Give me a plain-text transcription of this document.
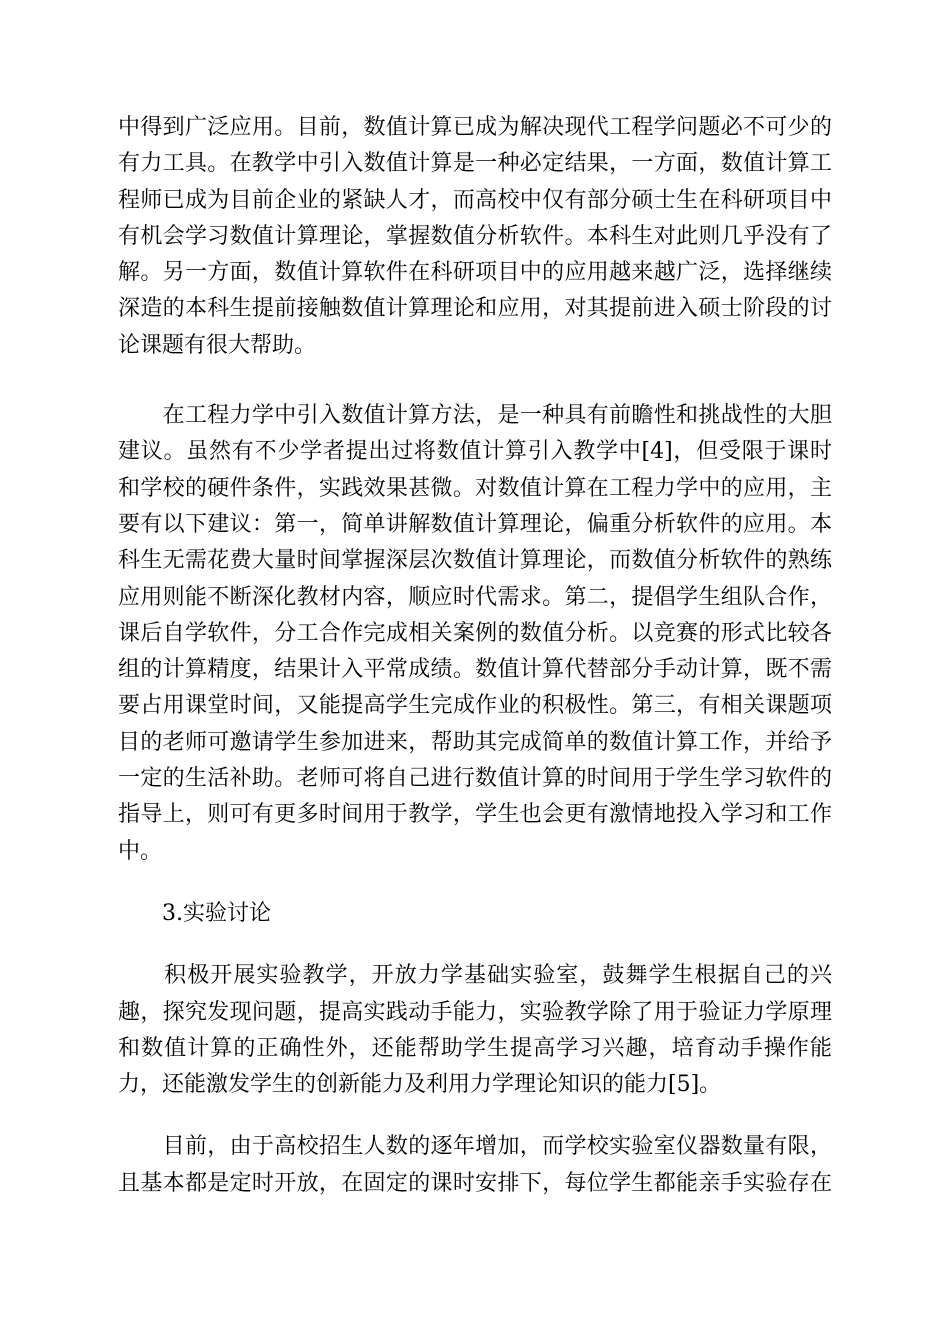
中得到广泛应用。目前，数值计算已成为解决现代工程学问题必不可少的
有力工具。在教学中引入数值计算是一种必定结果，一方面，数值计算工
程师已成为目前企业的紧缺人才，而高校中仅有部分硕士生在科研项目中
有机会学习数值计算理论，掌握数值分析软件。本科生对此则几乎没有了
解。另一方面，数值计算软件在科研项目中的应用越来越广泛，选择继续
深造的本科生提前接触数值计算理论和应用，对其提前进入硕士阶段的讨
论课题有很大帮助。
　　在工程力学中引入数值计算方法，是一种具有前瞻性和挑战性的大胆
建议。虽然有不少学者提出过将数值计算引入教学中[4]，但受限于课时
和学校的硬件条件，实践效果甚微。对数值计算在工程力学中的应用，主
要有以下建议：第一，简单讲解数值计算理论，偏重分析软件的应用。本
科生无需花费大量时间掌握深层次数值计算理论，而数值分析软件的熟练
应用则能不断深化教材内容，顺应时代需求。第二，提倡学生组队合作，
课后自学软件，分工合作完成相关案例的数值分析。以竞赛的形式比较各
组的计算精度，结果计入平常成绩。数值计算代替部分手动计算，既不需
要占用课堂时间，又能提高学生完成作业的积极性。第三，有相关课题项
目的老师可邀请学生参加进来，帮助其完成简单的数值计算工作，并给予
一定的生活补助。老师可将自己进行数值计算的时间用于学生学习软件的
指导上，则可有更多时间用于教学，学生也会更有激情地投入学习和工作
中。
　　3.实验讨论
　　积极开展实验教学，开放力学基础实验室，鼓舞学生根据自己的兴
趣，探究发现问题，提高实践动手能力，实验教学除了用于验证力学原理
和数值计算的正确性外，还能帮助学生提高学习兴趣，培育动手操作能
力，还能激发学生的创新能力及利用力学理论知识的能力[5]。
　　目前，由于高校招生人数的逐年增加，而学校实验室仪器数量有限，
且基本都是定时开放，在固定的课时安排下，每位学生都能亲手实验存在
